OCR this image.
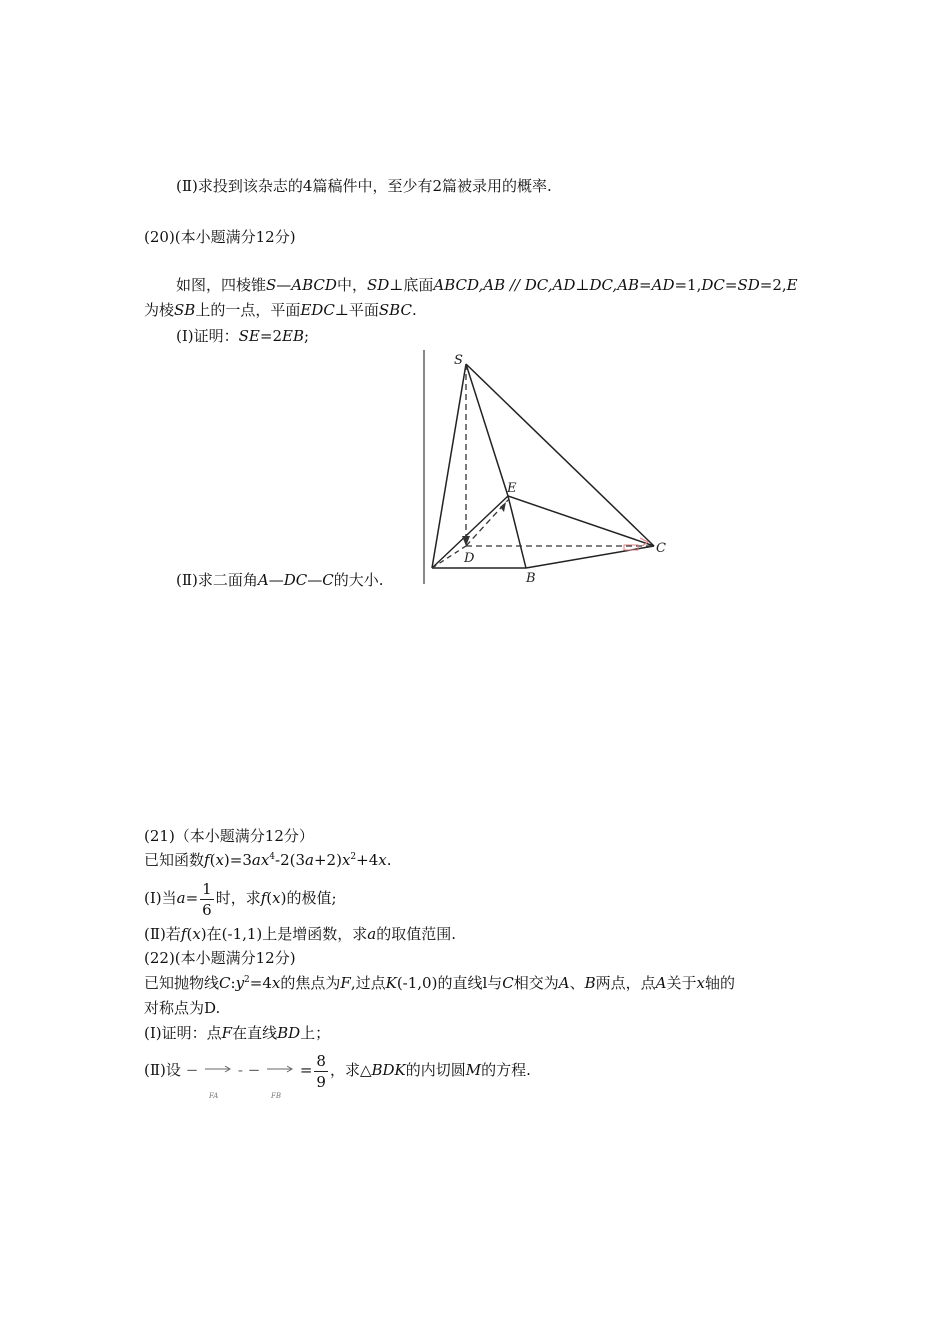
(Ⅱ)求投到该杂志的4篇稿件中，至少有2篇被录用的概率.
(20)(本小题满分12分)
如图，四棱锥S—ABCD中，SD⊥底面ABCD,AB // DC,AD⊥DC,AB=AD=1,DC=SD=2,E
为棱SB上的一点，平面EDC⊥平面SBC.
(Ⅰ)证明：SE=2EB;
S
E
D
B
C
(Ⅱ)求二面角A—DC—C的大小.
(21)（本小题满分12分）
已知函数$f(x)=3ax^4-2(3a+2)x^2+4x$.
(Ⅰ)当$a= \frac{1}{6}$ 时，求f(x)的极值;
(Ⅱ)若f(x)在(-1,1)上是增函数，求a的取值范围.
(22)(本小题满分12分)
已知抛物线$C:y^2=4x$的焦点为F,过点K(-1,0)的直线l与C相交为A、B两点，点A关于x轴的
对称点为D.
(Ⅰ)证明：点F在直线BD上；
(Ⅱ)设 −
FA
- −
FB
= $\frac{8}{9}$ ，求△BDK的内切圆M的方程.
